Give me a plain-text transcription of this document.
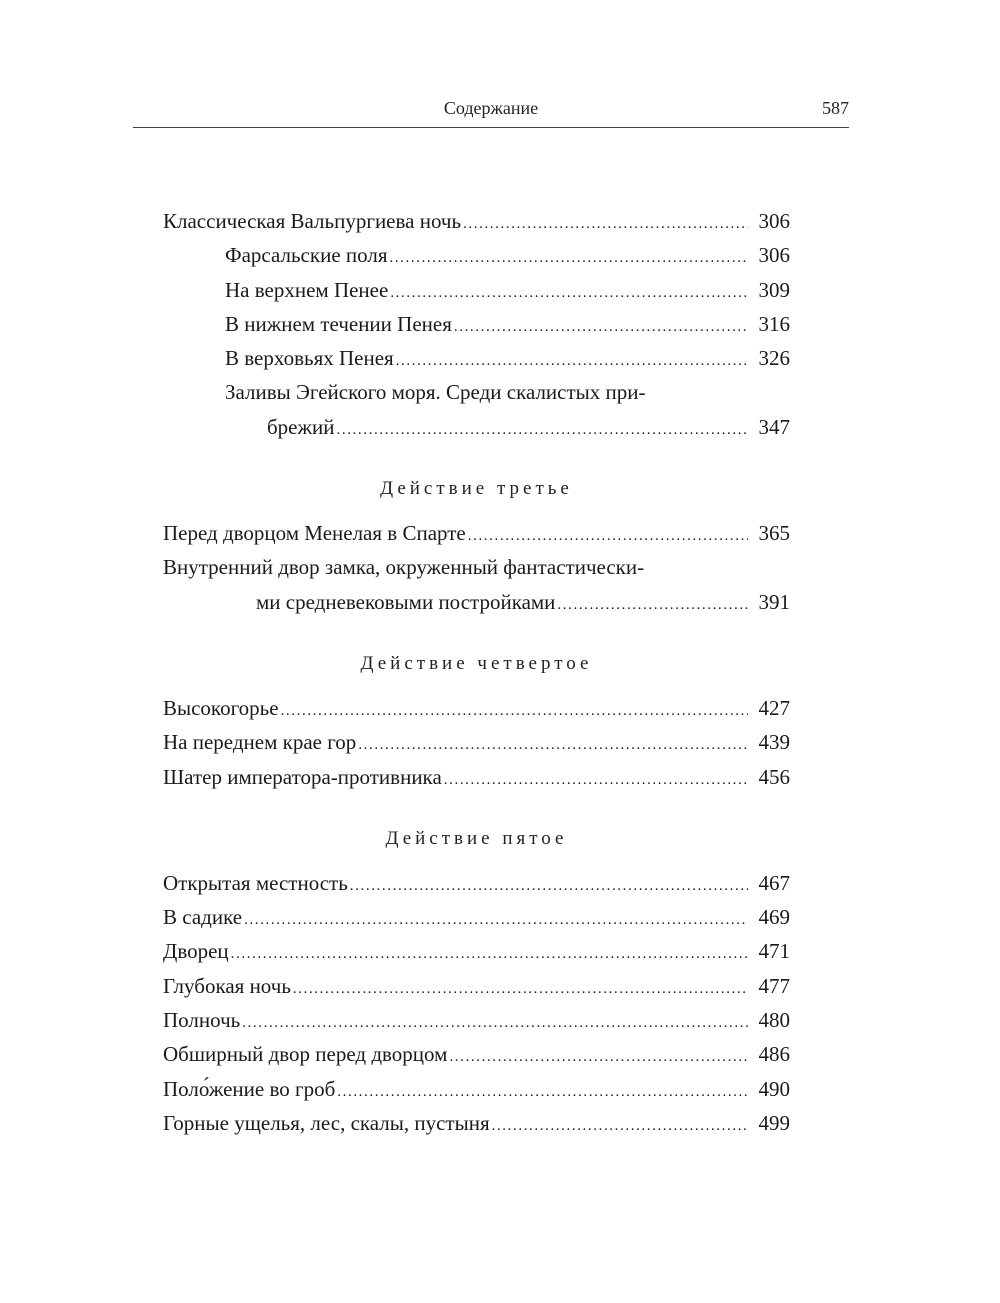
Содержание	587
Классическая Вальпургиева ночь .....	306
Фарсальские поля .....	306
На верхнем Пенее .....	309
В нижнем течении Пенея .....	316
В верховьях Пенея .....	326
Заливы Эгейского моря. Среди скалистых при-
брежий .....	347
Действие третье
Перед дворцом Менелая в Спарте .....	365
Внутренний двор замка, окруженный фантастически-
ми средневековыми постройками .....	391
Действие четвертое
Высокогорье .....	427
На переднем крае гор .....	439
Шатер императора-противника .....	456
Действие пятое
Открытая местность .....	467
В садике .....	469
Дворец .....	471
Глубокая ночь .....	477
Полночь .....	480
Обширный двор перед дворцом .....	486
Поло́жение во гроб .....	490
Горные ущелья, лес, скалы, пустыня .....	499
